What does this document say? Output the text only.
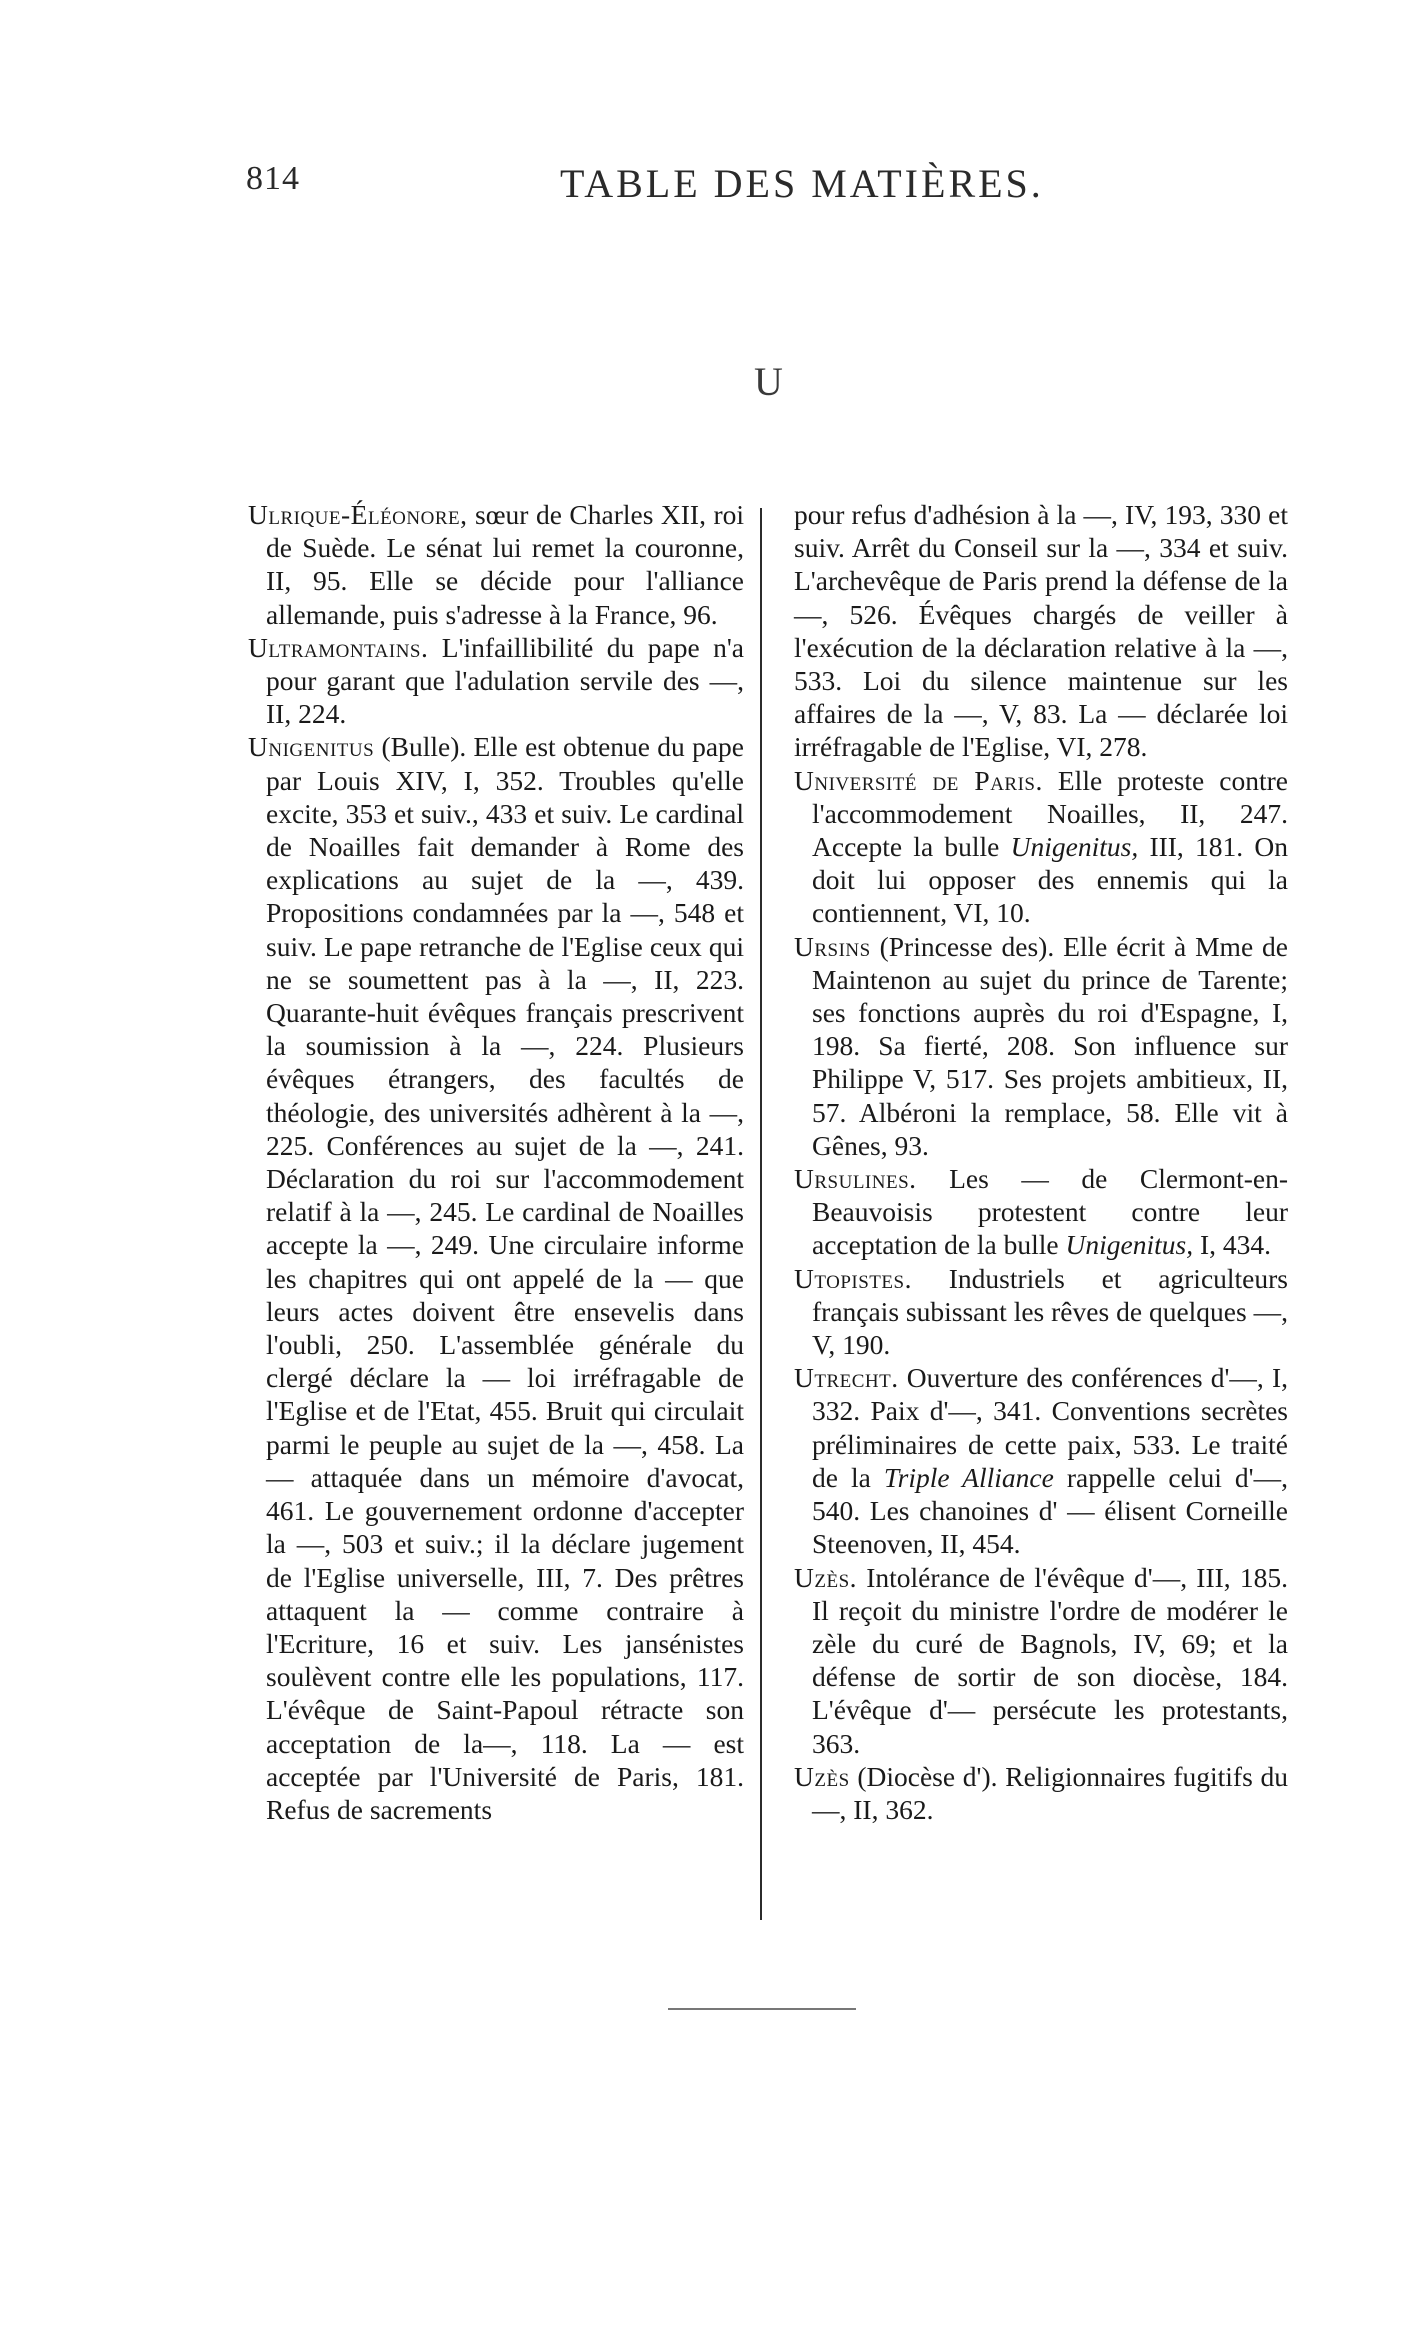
814	TABLE DES MATIÈRES.
U

Ulrique-Éléonore, sœur de Charles XII, roi de Suède. Le sénat lui remet la couronne, II, 95. Elle se décide pour l'alliance allemande, puis s'adresse à la France, 96.

Ultramontains. L'infaillibilité du pape n'a pour garant que l'adulation servile des —, II, 224.

Unigenitus (Bulle). Elle est obtenue du pape par Louis XIV, I, 352. Troubles qu'elle excite, 353 et suiv., 433 et suiv. Le cardinal de Noailles fait demander à Rome des explications au sujet de la —, 439. Propositions condamnées par la —, 548 et suiv. Le pape retranche de l'Eglise ceux qui ne se soumettent pas à la —, II, 223. Quarante-huit évêques français prescrivent la soumission à la —, 224. Plusieurs évêques étrangers, des facultés de théologie, des universités adhèrent à la —, 225. Conférences au sujet de la —, 241. Déclaration du roi sur l'accommodement relatif à la —, 245. Le cardinal de Noailles accepte la —, 249. Une circulaire informe les chapitres qui ont appelé de la — que leurs actes doivent être ensevelis dans l'oubli, 250. L'assemblée générale du clergé déclare la — loi irréfragable de l'Eglise et de l'Etat, 455. Bruit qui circulait parmi le peuple au sujet de la —, 458. La — attaquée dans un mémoire d'avocat, 461. Le gouvernement ordonne d'accepter la —, 503 et suiv.; il la déclare jugement de l'Eglise universelle, III, 7. Des prêtres attaquent la — comme contraire à l'Ecriture, 16 et suiv. Les jansénistes soulèvent contre elle les populations, 117. L'évêque de Saint-Papoul rétracte son acceptation de la—, 118. La — est acceptée par l'Université de Paris, 181. Refus de sacrements

pour refus d'adhésion à la —, IV, 193, 330 et suiv. Arrêt du Conseil sur la —, 334 et suiv. L'archevêque de Paris prend la défense de la —, 526. Évêques chargés de veiller à l'exécution de la déclaration relative à la —, 533. Loi du silence maintenue sur les affaires de la —, V, 83. La — déclarée loi irréfragable de l'Eglise, VI, 278.

Université de Paris. Elle proteste contre l'accommodement Noailles, II, 247. Accepte la bulle Unigenitus, III, 181. On doit lui opposer des ennemis qui la contiennent, VI, 10.

Ursins (Princesse des). Elle écrit à Mme de Maintenon au sujet du prince de Tarente; ses fonctions auprès du roi d'Espagne, I, 198. Sa fierté, 208. Son influence sur Philippe V, 517. Ses projets ambitieux, II, 57. Albéroni la remplace, 58. Elle vit à Gênes, 93.

Ursulines. Les — de Clermont-en-Beauvoisis protestent contre leur acceptation de la bulle Unigenitus, I, 434.

Utopistes. Industriels et agriculteurs français subissant les rêves de quelques —, V, 190.

Utrecht. Ouverture des conférences d'—, I, 332. Paix d'—, 341. Conventions secrètes préliminaires de cette paix, 533. Le traité de la Triple Alliance rappelle celui d'—, 540. Les chanoines d' — élisent Corneille Steenoven, II, 454.

Uzès. Intolérance de l'évêque d'—, III, 185. Il reçoit du ministre l'ordre de modérer le zèle du curé de Bagnols, IV, 69; et la défense de sortir de son diocèse, 184. L'évêque d'— persécute les protestants, 363.

Uzès (Diocèse d'). Religionnaires fugitifs du —, II, 362.
